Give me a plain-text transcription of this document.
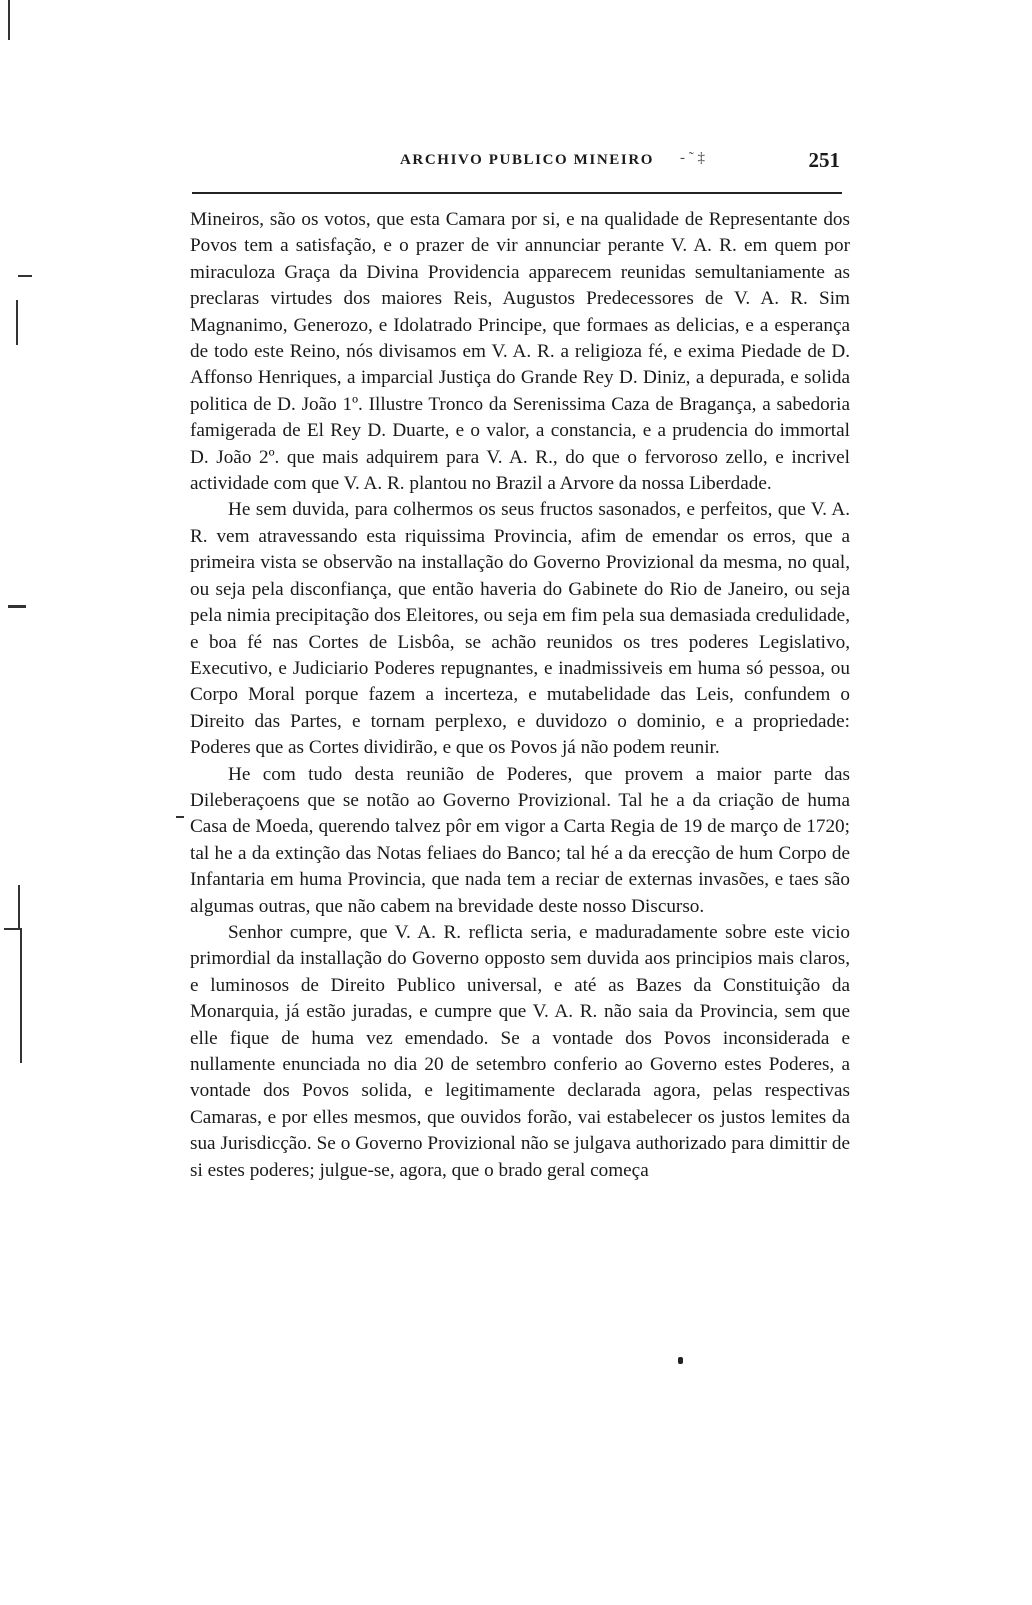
ARCHIVO PUBLICO MINEIRO - ˜ ‡	251

Mineiros, são os votos, que esta Camara por si, e na qualidade de Representante dos Povos tem a satisfação, e o prazer de vir annunciar perante V. A. R. em quem por miraculoza Graça da Divina Providencia apparecem reunidas semultaniamente as preclaras virtudes dos maiores Reis, Augustos Predecessores de V. A. R. Sim Magnanimo, Generozo, e Idolatrado Principe, que formaes as delicias, e a esperança de todo este Reino, nós divisamos em V. A. R. a religioza fé, e exima Piedade de D. Affonso Henriques, a imparcial Justiça do Grande Rey D. Diniz, a depurada, e solida politica de D. João 1º. Illustre Tronco da Serenissima Caza de Bragança, a sabedoria famigerada de El Rey D. Duarte, e o valor, a constancia, e a prudencia do immortal D. João 2º. que mais adquirem para V. A. R., do que o fervoroso zello, e incrivel actividade com que V. A. R. plantou no Brazil a Arvore da nossa Liberdade.

He sem duvida, para colhermos os seus fructos sasonados, e perfeitos, que V. A. R. vem atravessando esta riquissima Provincia, afim de emendar os erros, que a primeira vista se observão na installação do Governo Provizional da mesma, no qual, ou seja pela disconfiança, que então haveria do Gabinete do Rio de Janeiro, ou seja pela nimia precipitação dos Eleitores, ou seja em fim pela sua demasiada credulidade, e boa fé nas Cortes de Lisbôa, se achão reunidos os tres poderes Legislativo, Executivo, e Judiciario Poderes repugnantes, e inadmissiveis em huma só pessoa, ou Corpo Moral porque fazem a incerteza, e mutabelidade das Leis, confundem o Direito das Partes, e tornam perplexo, e duvidozo o dominio, e a propriedade: Poderes que as Cortes dividirão, e que os Povos já não podem reunir.

He com tudo desta reunião de Poderes, que provem a maior parte das Dileberaçoens que se notão ao Governo Provizional. Tal he a da criação de huma Casa de Moeda, querendo talvez pôr em vigor a Carta Regia de 19 de março de 1720; tal he a da extinção das Notas feliaes do Banco; tal hé a da erecção de hum Corpo de Infantaria em huma Provincia, que nada tem a reciar de externas invasões, e taes são algumas outras, que não cabem na brevidade deste nosso Discurso.

Senhor cumpre, que V. A. R. reflicta seria, e maduradamente sobre este vicio primordial da installação do Governo opposto sem duvida aos principios mais claros, e luminosos de Direito Publico universal, e até as Bazes da Constituição da Monarquia, já estão juradas, e cumpre que V. A. R. não saia da Provincia, sem que elle fique de huma vez emendado. Se a vontade dos Povos inconsiderada e nullamente enunciada no dia 20 de setembro conferio ao Governo estes Poderes, a vontade dos Povos solida, e legitimamente declarada agora, pelas respectivas Camaras, e por elles mesmos, que ouvidos forão, vai estabelecer os justos lemites da sua Jurisdicção. Se o Governo Provizional não se julgava authorizado para dimittir de si estes poderes; julgue-se, agora, que o brado geral começa
